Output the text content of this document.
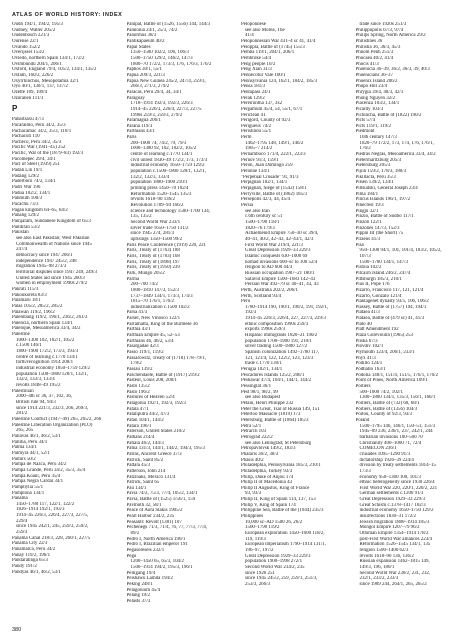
ATLAS OF WORLD HISTORY: INDEX
Oudh 194/1, 194/2, 195/3
Oudney, Walter 205/2
Oudenbosch 221/3
Ourense 22/1
Ovando 152/2
Overijssel 153/2
Oviedo, northern Spain 134/1, 172/2
Ovimbundu 204/1, 206/1
Oxford, England 79/4, 105/2, 134/1, 135/2
Oxfam, 160/2, 226/2
Oxyrrhinchus, Mesopotamia 32/1
Oyo 40/1, 130/1, 137, 137/2
Ozette 109, 109/4
Ozoranen 111/3
P
Pabartsaxu 47/3
Pacaraimo, Peru 34/2, 35/3
Pachacamac 34/2, 35/3, 110/1
Pachacuti 110
Pacheco, Peru 34/2, 35/3
Pacific War (1941–45) 252
Pacific, War of the (1879–83) 192/3
Pacomepec 29/4, 34/1
Pact of Steel (1939) 251
Padah Lin 19/1
Padang 129/2
Paderborn 74/2, 134/1
Padri War 196
Padua 102/2, 134/1
Pahmuth 100/3
Pacachu 73/3
Pagan kingdom 64–65, 64/2
Pahang 129/2
Painjaram, Sundanese Kingdom of 65/3
Paitdiran 53/2
Pakistan
see also East Pakistan; West Pakistan
Commonwealth of Nations since 1945
247/4
democracy since 1947 266/1
independence 1947 245/2, 248
migration 1945–98 273/3
territorial disputes since 1947 249, 249/3
United States aid since 1945 260/3
women in employment 1990s 279/2
Pakrati 115/3
Pakoukoreta 83/3
Palamaru 18/1
Palas 105/2, 285/2, 285/2
Palawan 119/2, 196/2
Palembang 119/2, 196/1, 236/2, 261/3
Palencia, northern Spain 134/1
Palenque, Mesoamerica 33/4, 34/2
Palestine
1000–1300 102, 102/1, 105/2
c.1500 146/1
1800–1900 172/2, 173/3, 193/3
centre of learning c.1770 134/1
forth/recognition 1914 208/1
industrial economy 1850–1759 129/2
population 1500–1800 128/1, 132/1,
132/2, 133/3, 133/4
revolts 1848–49 195/2
Palestinian
2000–4th sc 36, 37, 102, 36,
British rule 94, 94/3
since 1914 221/3, 232/3, 266, 269/3,
281/2
Palestine Conflict (1947–49) 265, 265/2, 266
Palestine Liberation Organization (PLO)
265, 265
Pallavas 46/1, 46/2, 53/1
Palliha, Peru 34/1
Palma 134/1
Palmyra 44/1, 52/1
Pamirs 50/2
Pampa de Nazca, Peru 34/2
Pampa Grande, Peru 34/2, 35/3, 35/4
Pampa Koani, Peru 35/4
Pampa Negra Cardal 34/1
Pamphylia 55/1
Pamplona 134/1
Panama
1450–1780 117, 122/1, 122/2
1826–1914 192/1, 193/3
1914–45 226/3, 226/4, 227/3, 227/5,
229/4
since 1945 242/1, 245, 259/3, 259/2,
259/3
Panama Canal 218/3, 228, 260/1, 227/5
Panama City 22/3
Panamarca, Peru 34/2
Panay 119/2, 196/1
Pandaratinga 65/3
Pandy 191/2
Pandyas 46/1, 46/2, 53/1
Panipat, Battle of (1526, 1556) 144, 144/3
Pannonia 24/1, 25/3, 74/2
Panormus 38/3
Pantikapaeum 40/2
Papal States
1350–1500 102/2, 106, 106/3
1500–1750 129/2, 146/2, 147/3
1800–70 172/2, 173/3, 176, 176/3, 176/2
Paphos 30/1, 55/1
Papua 209/3, 221/3
Papua New Guinea 245/2, 247/4, 259/3,
266/3, 271/3, 279/2
Paracas, Peru 29/4, 34, 34/1
Paraguay
1718–1914 192/3, 192/3, 226/3
1914–45 226/3, 226/4, 227/3, 227/5
1990s 259/3, 259/3, 279/2
Paramaguá 206/1
Parana 119/3
Parthians 43/1
Paris
200–1000 74, 74/2, 79, 79/3
1000–1300 92, 102, 102/2, 105/2
centre of learning c.1770 134/1
civil unrest 1830–49 172/2, 173, 173/3
industrial economy 1650–1759 129/2
population c.1500–1800 128/1, 132/1,
132/2, 132/3, 133/4
population 1800–1900 210/1
printing press 1450–70 102/4
Reformation 1520–1545 135/3
revolts 1618–90 136/2
Revolution 1789–94 166/2
science and technology 1500–1700 134,
135, 135/2
Second World War 233/1
silver trade 1650–1750 131/2
since 1945 274, 281/3
uprisings 1350–1500 99/2
Paris Peace Conference (1919) 220, 221
Paris, Treaty of (1763) 188
Paris, Treaty of (1783) 168
Paris, Treaty of (1898) 197
Paris, Treaty of (1950) 239
Park, Mungo 205/2
Parma
200–700 74/2
1800–1810 147/3, 152/3
1737–1849 134/1, 173/3, 174/3
1815–70 176/1, 176/2
industrialization c.1500 102/2
Parsa 41/3
Parsel, New Vinosco 122/1
Parramatta, King of the Burmese 36
Parthia 43/1
Parthian Empire 45, 52–53
Parthians 46, 46/2, 53/4
Pasargadae 42/3
Passo 119/1, 119/2
Passarowitz, Treaty of (1718) 178–79/1,
178/2
Passau 139/2
Paschendaele, Battle of (1917) 219/2
Pasteur, Louis 208, 208/1
Pasto 135/2
Pasto 196/2
Pastures of Heaven 52/4
Patagonia 192/1, 192/3, 192/3
Patala 47/1
Pataliputra 44/2, 47/3
Patan 104/1, 144/2
Patara 196/1
Paterson, United States 210/2
Pathans 214/4
Patiala 46/2, 144/3
Patna 131/3, 144/1, 144/2, 194/3, 195/3
Patras, Ancient Greece 37/3
Patrick, Saint 85/2
Pattala 45/3
Patterson, John 214
Patzinaks, Mexico 131/4
Patrick, Saint 65
Pau 134/1
Pavia 74/2, 75/3, 77/4, 105/2, 134/1
Pavia, Battle of (1525) 1/56/1, 159
Pavmoth 32, 58/1
Peace of Aura Stakis 1905/2
Pearl Harbor 234/2, 235
Peasants' Revolt (1381) 107
Pechenegs 71/3, 71/4, 76, 77, 77/3, 77/4,
89/2
Pedro I, North America 190/1
Pedro I, Brazilian emperor 191
Pegasoreseis 232/1
Pegu
1200–1450 65, 65/3, 104/2
1500–1914 194/2, 195/3, 196/1
Peiligang 19/4
Peishawu Lamda 194/2
Peking 248/1
Pelagonium 45/4
Pelang 19/2
Pelasts 37/3
Peloponnese
see also Morea, The
41/4
Peloponnesian War 431–4 sc 41, 41/4
Peloppia, Battle of (1745) 155/3
Pemba 119/1, 204/1, 206/1
Pembroke 54/4
Peng people 10/2
Peng Xian 31/3
Pennecotur Vale 100/1
Pennsylvania 124, 162/1, 184/2, 185/3
Pensa 181/3
Pentapass 24/1
Perak 129/2
Pereiruntha 137, 3x2
Pergamum 45/4, 54, 55/1, 67/1
Periclean 41
Perigord, County of 92/3
Périgueux 74/2
Peristinou 55/1
Perm
1462–1795 148, 149/1, 146/2
1905–7 214/2
Pernambuco 171/4, 222/1, 223/3
Pernov 91/3, 159/1
Peron, Juan Domingo 259
Péronne 134/1
"Perpetual Crusade" 91, 91/3
Perpignan 102/1, 134/1
Perpignan, Siege of (1542) 158/1
Perryville, Battle of (1862) 185/3
Persepolis 42/3, 44, 45/4
Persia
see also Iran
c.6th century sc 51
1500–1790 118/1
1820–76 179/3
Achaemenid Empire 750–30 sc 39/4,
40–41, 40/2, 42–43, 42–43/1, 42/3
First World War 219/4, 221/3
Great Depression 1929–33 229/3
Islamic conquests 630–1000 69
nomad invasions 600–sc to 100 52/4
religion to AD 600 44/3
Russian occupation 1907–21 180/1
Safavid Empire 1500–1683 142–43
Persian War 492–79 sc 40–41, 43, 43
Perth, Australia 202/2, 206/1
Perth, Scotland 93/4
Peru
1780–1914 190, 190/1, 190/2, 191, 192/1,
192/3
1914–45 226/3, 226/4, 227, 227/3, 229/3
ethnic composition 1990s 259/3
exports 1990s 259/3
Hispanic immigrants 1820–21 190/2
population 1700–1900 191, 210/1
silver trading 1500–1800 127/2
Spanish colonization 1492–1780 117,
121, 121/4, 122, 122/2, 123, 123/3
trade c.1770 130/1
Perugia 102/1, 134/1
Pescadores Islands 125/2, 206/1
Peshawar 47/4, 104/1, 144/1, 144/2
Pessinglat 36/1
Pest 98/1, 98/2, 99
see also Budapest
Pétain, Henri Philippe 232
Peter the Great, Tsar of Russia 149, 151
Peterloo Massacre (1819) 173
Petersburg, Battle of (1864) 185/3
Petra 52/1
Petrarch 103
Petrograd 222/2
see also Leningrad; St Petersburg
Petropavlovsk 149/2, 183/3
Phalaris 36/2, 38/3
Phasis 40/2
Philadelphia, Pennsylvania 185/3, 210/1
Philadelphia, Turkey 93/3
Philip, Duke of Anjou 174
Philip II of Macedonia 43
Philip II Augustus, King of France
93, 93/3
Philip II, King of Spain 114, 137, 153
Philip V, King of Spain 174
Philippine Sea, Battle of the (1944) 235/3
Philippines
10,000 sc–AD 1500 26, 26/2
1500–1790 119/2
European exploration 1450–1600 118/2,
119, 119/3
European imperialism 1790–1914 131/1,
196–97, 197/2
Great Depression 1929–33 229/3
population 1900–1998 272/1
Second World War 234/2, 235
since 1926 251
since 1945 245/2, 259, 259/1, 251/3,
253/3, 266/3
trade since 1920s 251/3
Philippopolis 67/3, 97/4
Philips Spring, North America 29/2
Philistines 36
Philistia 36, 36/3, 45/3
Phnom Penh 251/3
Phocaea 40/2, 41/4
Phocis 41/3
Phoenicia 36–39, 36/2, 36/3, 39, 40/3
Phoenicians 36–37
Phoenix Island 206/2
Phopo Hill 23/4
Phrygia 39/4, 40/3, 42/1
Phung Nguyen 32/2
Piacenza 103/2, 134/1
Picardy 103/3
Pichincha, Battle of (1822) 190/2
Picts 57/4
Picts 119/1, 119/2
Piedmont
16th century 147/3
1820–79 172/2, 173, 174, 176, 176/1,
176/2
Piedras Negras, Mesoamerica 33/4, 34/2
Pietermaritzburg 205/3
Pietersburg 205/3
Pijiin 159/2, 178/3, 180/3
Pikillacta, Peru 35/3
Pilsen 139/2, 134/1
Piltsudski, General Joseph 23/4
Pima 184/1
Pincus Islands 196/1, 197/2
Pinecrest 19/3
Pingju 32/1
Pinzio, Battle of Sudbo 117/1
Pinzon 122/1
Pinzones 147/3, 152/3
Pippin III (the Short) 75
Piraeus 41/3
Pisa
950–1300 94/1, 101, 101/4, 103/2, 105/2,
107/3
1500–1700 134/1, 147/3
Pistoia 102/2
Pitcairn Island 246/2, 247/4
Pittsburgh 185/3, 210/1
Pius II, Pope 176
Pizarro, Francisco 117, 121, 121/4
Pizarro, Gonzalo 121/4
Plantagenet dynasty 93/5, 106, 106/2
Plassey, Battle of (1757) 194, 194/1
Plataea 41/3
Plataea, Battle of (479 sc) 41, 41/3
Plato 40
Platt Amendment 192
Plaza Gurevoulin (1965) 253
Pliska 67/3
Plovdiv 102/1
Plymouth 123/4, 206/1, 233/1
Pnyx 41/3
Podillo 124/1
Podhallo 163/1
Podolia 148/1, 151/4, 151/5, 176/1, 176/2
Point of Pines, North America 109/1
Poitiers
500–1000 74/2, 102/1
1300–1800 134/1, 135/3, 156/1, 166/1
Poitiers, Battle of (732) 68, 68/1
Poitiers, Battle of (1356) 104/3
Poitou, County of 92/3, 93/3
Poland
1500–1795 146, 146/1, 150–51, 151/3
1945–89 236, 236/1, 237, 242/1, 244
barbarian invasions 100–500 70
Christianity 400–1000 71, 72/4
COMECON 236/1
crusades 1095–1290 91/3
dictatorship 1926–39 224/4
division by treaty settlements 1814–15
173/3
economy 950–1300 100, 101/3
ethnic heterogeneity since 1930 226/4
First World War 220, 220/1, 220/2, 221
German settlements c.1200 91/3
Great Depression 1929–33 229/3
Great Schism c.1378–1417 102/3
industrial economy 1650–1750 129/2
insurrections 1830–31 172/2
Jewish migration 1880–1914 185/3
Mongol Empire 1207–79 96/2
Ottoman Empire 1354–1914 178/2
post-First World War alliances 223/4
Reformation 1526–1545 134/1, 135
religion 1500–1400 62/3
revolts 1618–90 136, 136/2
Russian expansion 1462–1815 149,
149/3, 196, 180/1
Second World War 230/2, 231, 232,
232/1, 233/2, 233/3
since 1989 244, 264/1, 265, 265/2
380
